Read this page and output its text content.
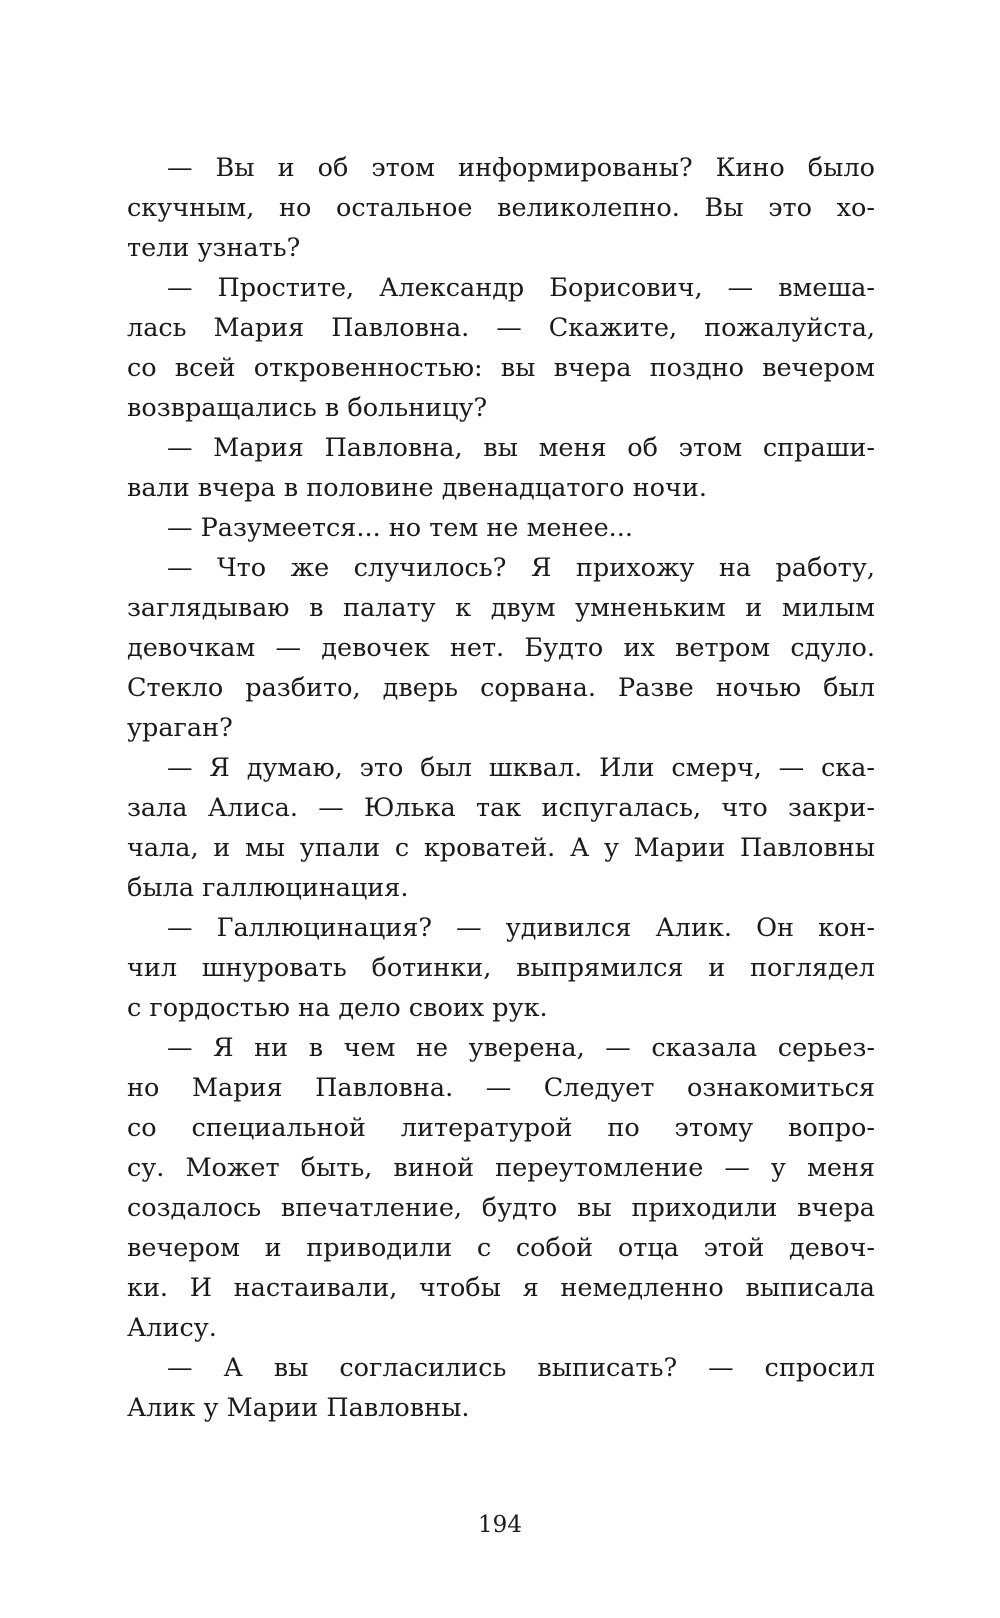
— Вы и об этом информированы? Кино было
скучным, но остальное великолепно. Вы это хо-
тели узнать?
— Простите, Александр Борисович, — вмеша-
лась Мария Павловна. — Скажите, пожалуйста,
со всей откровенностью: вы вчера поздно вечером
возвращались в больницу?
— Мария Павловна, вы меня об этом спраши-
вали вчера в половине двенадцатого ночи.
— Разумеется... но тем не менее...
— Что же случилось? Я прихожу на работу,
заглядываю в палату к двум умненьким и милым
девочкам — девочек нет. Будто их ветром сдуло.
Стекло разбито, дверь сорвана. Разве ночью был
ураган?
— Я думаю, это был шквал. Или смерч, — ска-
зала Алиса. — Юлька так испугалась, что закри-
чала, и мы упали с кроватей. А у Марии Павловны
была галлюцинация.
— Галлюцинация? — удивился Алик. Он кон-
чил шнуровать ботинки, выпрямился и поглядел
с гордостью на дело своих рук.
— Я ни в чем не уверена, — сказала серьез-
но Мария Павловна. — Следует ознакомиться
со специальной литературой по этому вопро-
су. Может быть, виной переутомление — у меня
создалось впечатление, будто вы приходили вчера
вечером и приводили с собой отца этой девоч-
ки. И настаивали, чтобы я немедленно выписала
Алису.
— А вы согласились выписать? — спросил
Алик у Марии Павловны.
194
